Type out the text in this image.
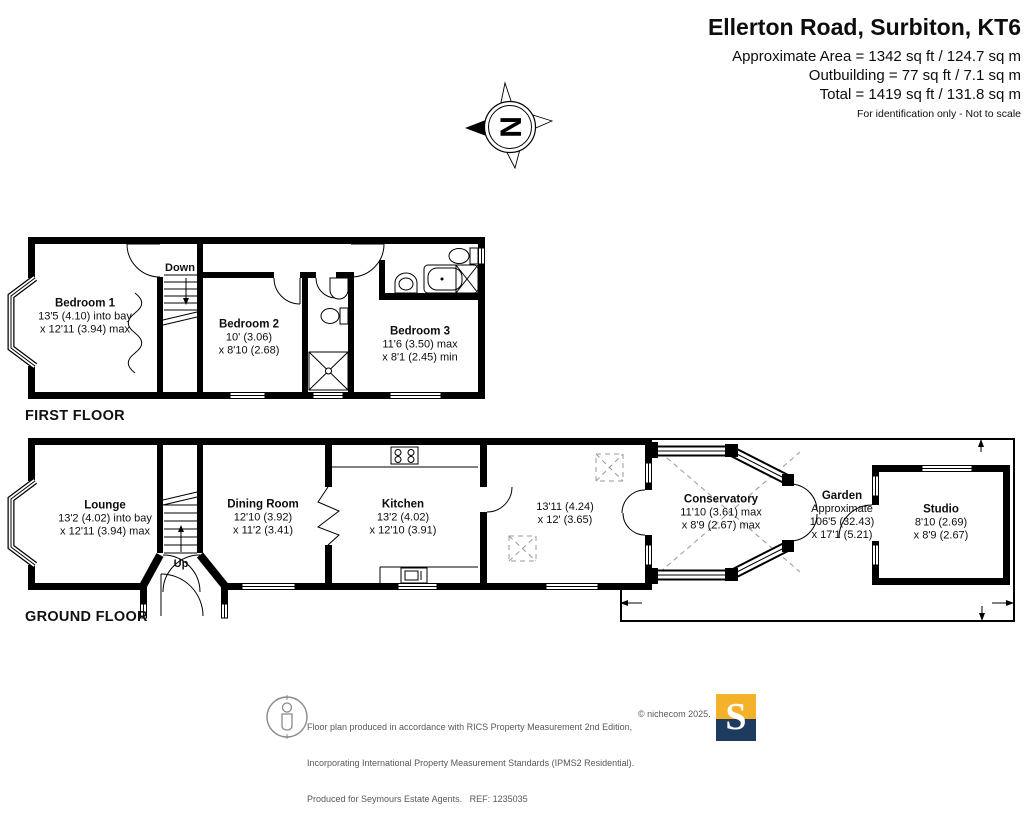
N
Ellerton Road, Surbiton, KT6
Approximate Area = 1342 sq ft / 124.7 sq m
Outbuilding = 77 sq ft / 7.1 sq m
Total = 1419 sq ft / 131.8 sq m
For identification only - Not to scale
Bedroom 1
13'5 (4.10) into bay
x 12'11 (3.94) max
Down
Bedroom 2
10' (3.06)
x 8'10 (2.68)
Bedroom 3
11'6 (3.50) max
x 8'1 (2.45) min
FIRST FLOOR
Lounge
13'2 (4.02) into bay
x 12'11 (3.94) max
Up
Dining Room
12'10 (3.92)
x 11'2 (3.41)
Kitchen
13'2 (4.02)
x 12'10 (3.91)
13'11 (4.24)
x 12' (3.65)
Conservatory
11'10 (3.61) max
x 8'9 (2.67) max
Garden
Approximate
106'5 (32.43)
x 17'1 (5.21)
Studio
8'10 (2.69)
x 8'9 (2.67)
GROUND FLOOR

Floor plan produced in accordance with RICS Property Measurement 2nd Edition,

Incorporating International Property Measurement Standards (IPMS2 Residential).

Produced for Seymours Estate Agents.   REF: 1235035

© nichecom 2025. S
